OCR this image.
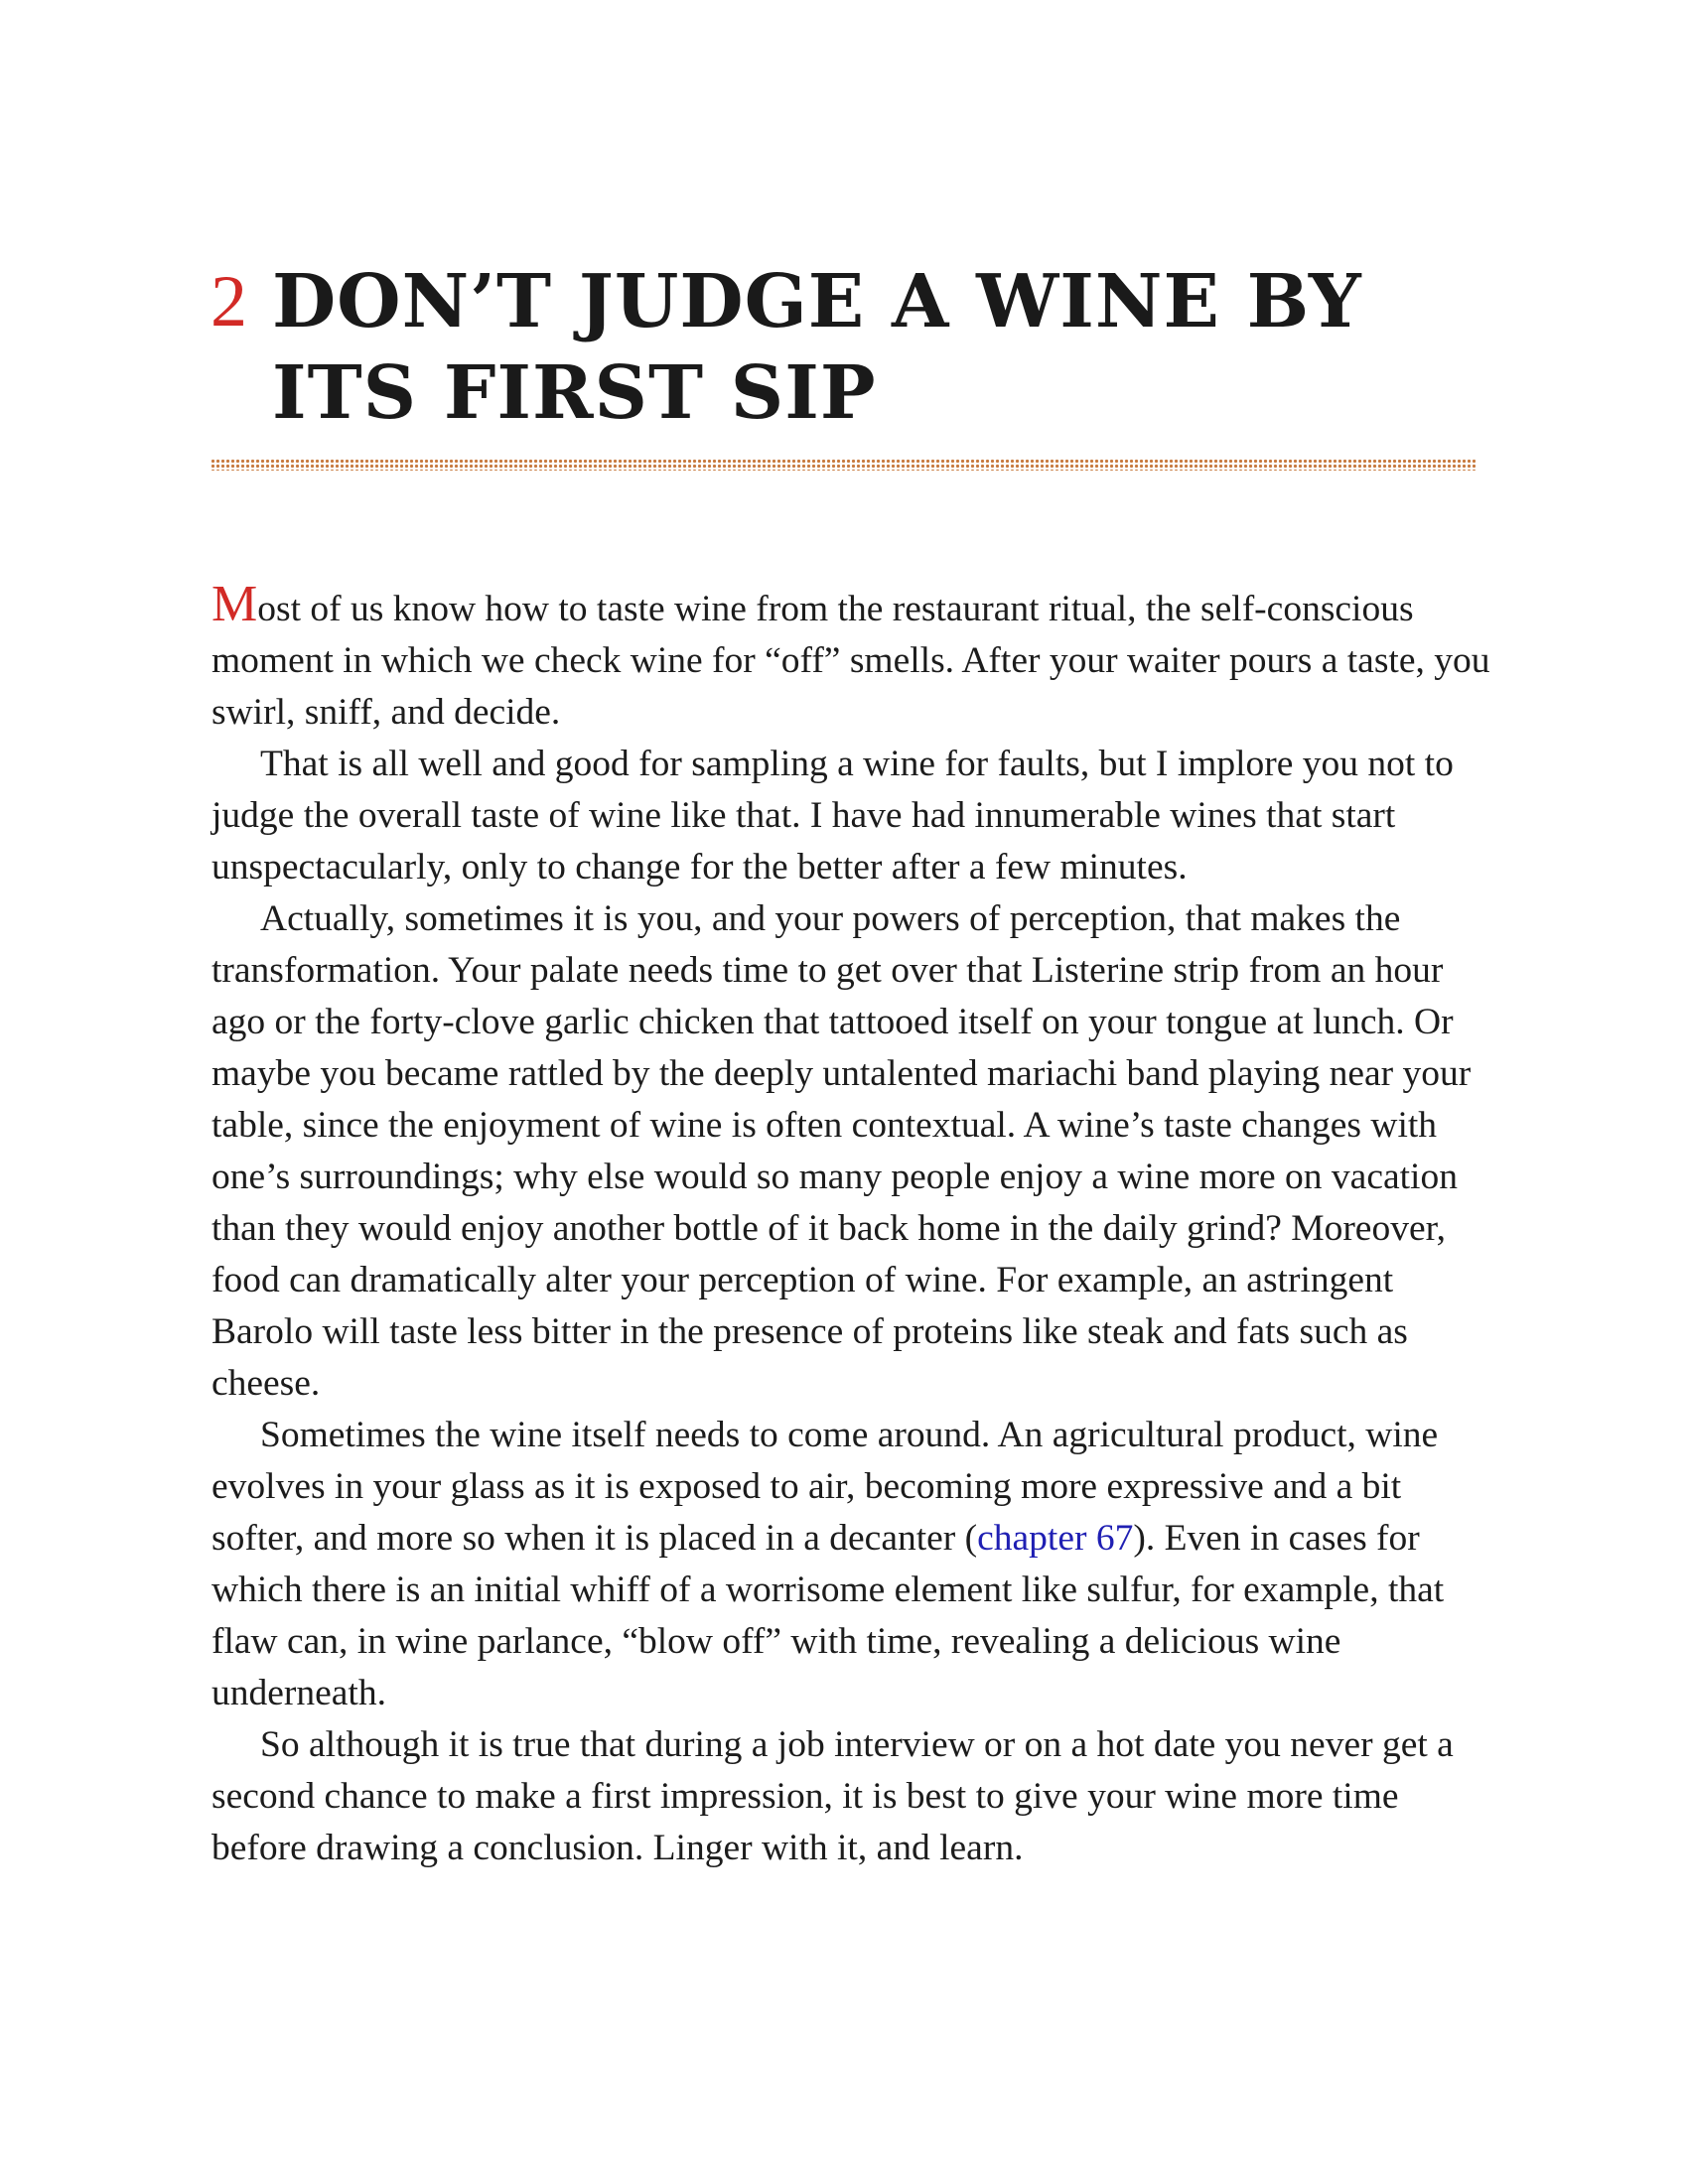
2 DON’T JUDGE A WINE BY ITS FIRST SIP

Most of us know how to taste wine from the restaurant ritual, the self-conscious moment in which we check wine for “off” smells. After your waiter pours a taste, you swirl, sniff, and decide.

That is all well and good for sampling a wine for faults, but I implore you not to judge the overall taste of wine like that. I have had innumerable wines that start unspectacularly, only to change for the better after a few minutes.

Actually, sometimes it is you, and your powers of perception, that makes the transformation. Your palate needs time to get over that Listerine strip from an hour ago or the forty-clove garlic chicken that tattooed itself on your tongue at lunch. Or maybe you became rattled by the deeply untalented mariachi band playing near your table, since the enjoyment of wine is often contextual. A wine’s taste changes with one’s surroundings; why else would so many people enjoy a wine more on vacation than they would enjoy another bottle of it back home in the daily grind? Moreover, food can dramatically alter your perception of wine. For example, an astringent Barolo will taste less bitter in the presence of proteins like steak and fats such as cheese.

Sometimes the wine itself needs to come around. An agricultural product, wine evolves in your glass as it is exposed to air, becoming more expressive and a bit softer, and more so when it is placed in a decanter (chapter 67). Even in cases for which there is an initial whiff of a worrisome element like sulfur, for example, that flaw can, in wine parlance, “blow off” with time, revealing a delicious wine underneath.

So although it is true that during a job interview or on a hot date you never get a second chance to make a first impression, it is best to give your wine more time before drawing a conclusion. Linger with it, and learn.
